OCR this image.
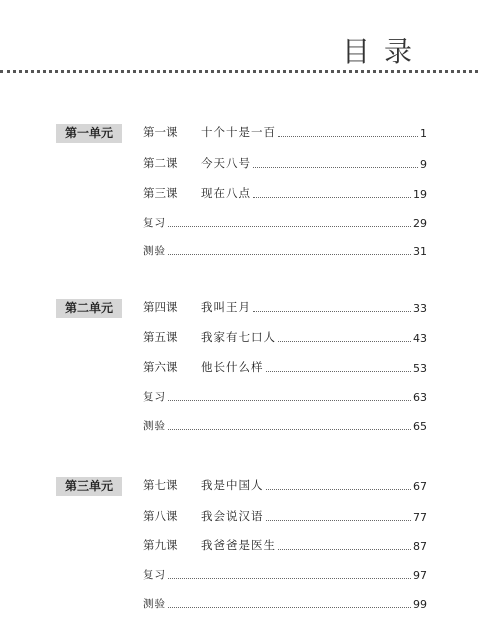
目录
第一单元	第一课	十个十是一百	1
第二课	今天八号	9
第三课	现在八点	19
复习	29
测验	31
第二单元	第四课	我叫王月	33
第五课	我家有七口人	43
第六课	他长什么样	53
复习	63
测验	65
第三单元	第七课	我是中国人	67
第八课	我会说汉语	77
第九课	我爸爸是医生	87
复习	97
测验	99
